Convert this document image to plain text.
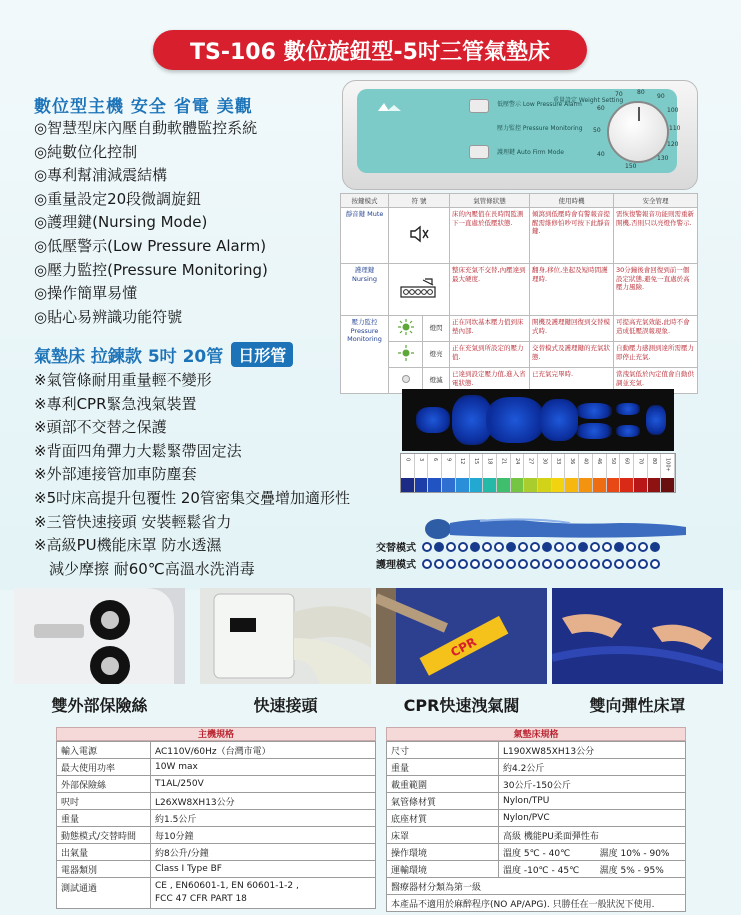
TS-106 數位旋鈕型-5吋三管氣墊床
數位型主機 安全 省電 美觀
◎智慧型床內壓自動軟體監控系統
◎純數位化控制
◎專利幫浦減震結構
◎重量設定20段微調旋鈕
◎護理鍵(Nursing Mode)
◎低壓警示(Low Pressure Alarm)
◎壓力監控(Pressure Monitoring)
◎操作簡單易懂
◎貼心易辨識功能符號
氣墊床 拉鍊款 5吋 20管 日形管
※氣管條耐用重量輕不變形
※專利CPR緊急洩氣裝置
※頭部不交替之保護
※背面四角彈力大鬆緊帶固定法
※外部連接管加車防塵套
※5吋床高提升包覆性 20管密集交疊增加適形性
※三管快速接頭 安裝輕鬆省力
※高級PU機能床罩 防水透濕
　減少摩擦 耐60℃高溫水洗消毒
低壓警示 Low Pressure Alarm
壓力監控 Pressure Monitoring
護理鍵 Auto Firm Mode
重量設定 Weight Setting
40
50
60
70 80
90
100
110
120
130
150
按鍵模式	符 號		氣管條狀態	使用時機	安全管理
靜音鍵 Mute			床的內壓值在長時間監測下一直處於低壓狀態.	傾瀉到低壓時會有警報音提醒需維修怕吵可按下此靜音鍵.	需恢復警報音功能則需重新開機,否則只以亮燈作警示.
護理鍵 Nursing			整床充氣不交替,內壓達到最大硬度.	翻身,移位,坐起及短時間護理時.	30分鐘後會回復到前一個設定狀態,避免一直處於高壓力風險.
壓力監控 Pressure Monitoring		燈閃	正在同坎基本壓力值到床墊內部.	開機及護理鍵回復到交替模式時.	可提高充氣效能,此時不會造成低壓誤報現象.
	燈亮	正在充氣到所設定的壓力值.	交替模式及護理鍵的充氣狀態.	自動壓力感測到達所需壓力即停止充氣.
	燈滅	已達到設定壓力值,進入省電狀態.	已充氣完畢時.	當洩氣低於內定值會自動供調並充氣.
0 3 6 9 12 15 18 21 24 27 30 33 36 40 46 50 60 70 80 100+
交替模式
護理模式
CPR
雙外部保險絲	快速接頭	CPR快速洩氣閥	雙向彈性床罩
主機規格
輸入電源	AC110V/60Hz（台灣市電）
最大使用功率	10W max
外部保險絲	T1AL/250V
呎吋	L26XW8XH13公分
重量	約1.5公斤
動態模式/交替時間	每10分鐘
出氣量	約8公升/分鐘
電器類別	Class I Type BF
測試通過	CE , EN60601-1, EN 60601-1-2 ,
FCC 47 CFR PART 18
氣墊床規格
尺寸	L190XW85XH13公分	
重量	約4.2公斤	
載重範圍	30公斤-150公斤	
氣管條材質	Nylon/TPU	
底座材質	Nylon/PVC	
床罩	高級 機能PU柔面彈性布	
操作環境	溫度 5℃ - 40℃	濕度 10% - 90%
運輸環境	溫度 -10℃ - 45℃	濕度 5% - 95%
醫療器材分類為第一級		
本產品不適用於麻醉程序(NO AP/APG). 只勝任在一般狀況下使用.		
